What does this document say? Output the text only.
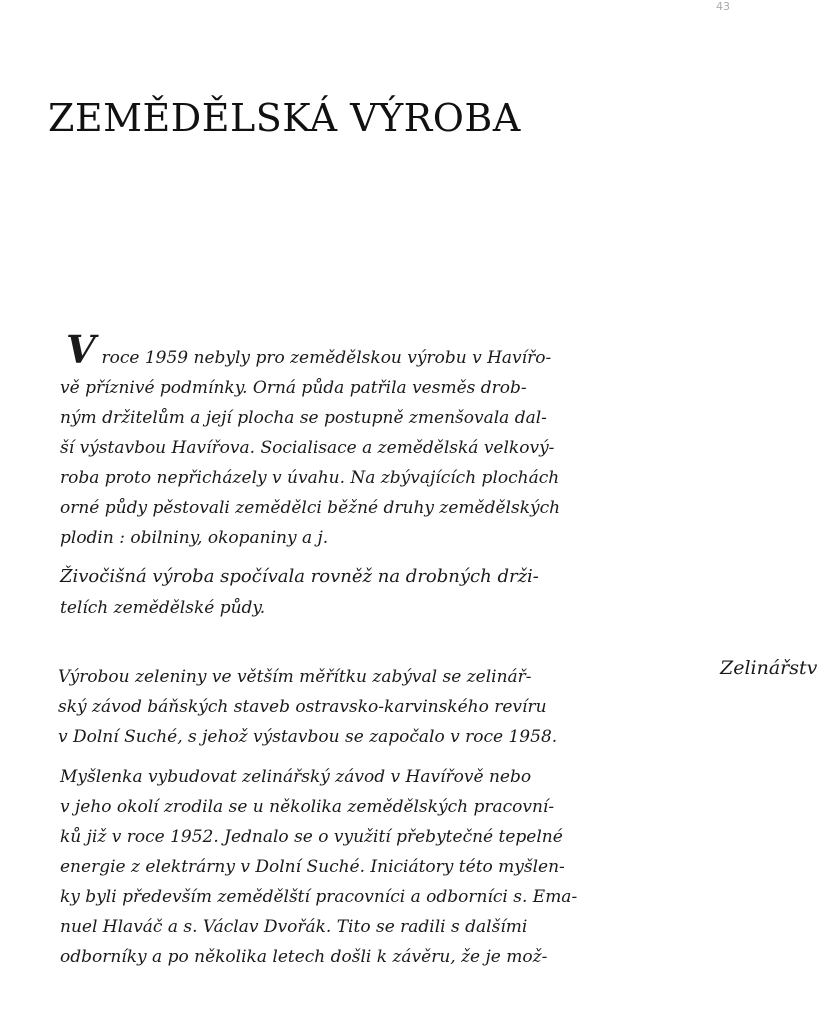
43
ZEMĚDĚLSKÁ VÝROBA

Vroce 1959 nebyly pro zemědělskou výrobu v Havířo-

vě příznivé podmínky. Orná půda patřila vesměs drob-

ným držitelům a její plocha se postupně zmenšovala dal-

ší výstavbou Havířova. Socialisace a zemědělská velkový-

roba proto nepřicházely v úvahu. Na zbývajících plochách

orné půdy pěstovali zemědělci běžné druhy zemědělských

plodin : obilniny, okopaniny a j.

Živočišná výroba spočívala rovněž na drobných drži-

telích zemědělské půdy.

Zelinářstv

Výrobou zeleniny ve větším měřítku zabýval se zelinář-

ský závod báňských staveb ostravsko-karvinského revíru

v Dolní Suché, s jehož výstavbou se započalo v roce 1958.

Myšlenka vybudovat zelinářský závod v Havířově nebo

v jeho okolí zrodila se u několika zemědělských pracovní-

ků již v roce 1952. Jednalo se o využití přebytečné tepelné

energie z elektrárny v Dolní Suché. Iniciátory této myšlen-

ky byli především zemědělští pracovníci a odborníci s. Ema-

nuel Hlaváč a s. Václav Dvořák. Tito se radili s dalšími

odborníky a po několika letech došli k závěru, že je mož-
